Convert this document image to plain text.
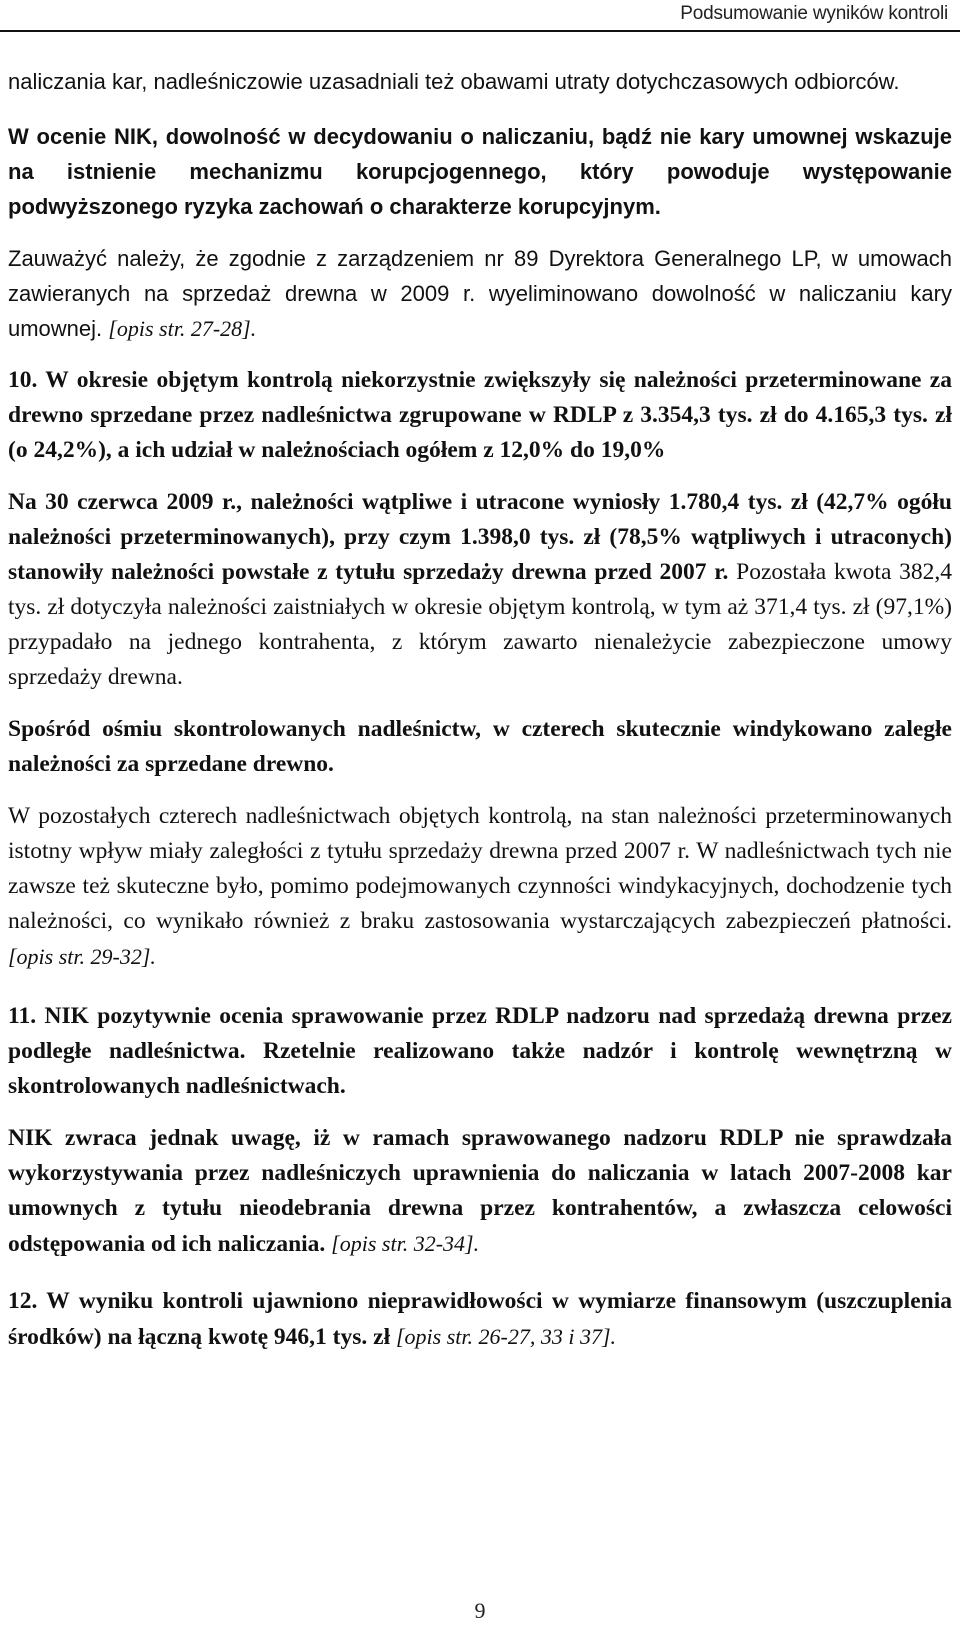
Podsumowanie wyników kontroli

naliczania kar, nadleśniczowie uzasadniali też obawami utraty dotychczasowych odbiorców.

W ocenie NIK, dowolność w decydowaniu o naliczaniu, bądź nie kary umownej wskazuje na istnienie mechanizmu korupcjogennego, który powoduje występowanie podwyższonego ryzyka zachowań o charakterze korupcyjnym.

Zauważyć należy, że zgodnie z zarządzeniem nr 89 Dyrektora Generalnego LP, w umowach zawieranych na sprzedaż drewna w 2009 r. wyeliminowano dowolność w naliczaniu kary umownej. [opis str. 27-28].

10. W okresie objętym kontrolą niekorzystnie zwiększyły się należności przeterminowane za drewno sprzedane przez nadleśnictwa zgrupowane w RDLP z 3.354,3 tys. zł do 4.165,3 tys. zł (o 24,2%), a ich udział w należnościach ogółem z 12,0% do 19,0%

Na 30 czerwca 2009 r., należności wątpliwe i utracone wyniosły 1.780,4 tys. zł (42,7% ogółu należności przeterminowanych), przy czym 1.398,0 tys. zł (78,5% wątpliwych i utraconych) stanowiły należności powstałe z tytułu sprzedaży drewna przed 2007 r. Pozostała kwota 382,4 tys. zł dotyczyła należności zaistniałych w okresie objętym kontrolą, w tym aż 371,4 tys. zł (97,1%) przypadało na jednego kontrahenta, z którym zawarto nienależycie zabezpieczone umowy sprzedaży drewna.

Spośród ośmiu skontrolowanych nadleśnictw, w czterech skutecznie windykowano zaległe należności za sprzedane drewno.

W pozostałych czterech nadleśnictwach objętych kontrolą, na stan należności przeterminowanych istotny wpływ miały zaległości z tytułu sprzedaży drewna przed 2007 r. W nadleśnictwach tych nie zawsze też skuteczne było, pomimo podejmowanych czynności windykacyjnych, dochodzenie tych należności, co wynikało również z braku zastosowania wystarczających zabezpieczeń płatności. [opis str. 29-32].

11. NIK pozytywnie ocenia sprawowanie przez RDLP nadzoru nad sprzedażą drewna przez podległe nadleśnictwa. Rzetelnie realizowano także nadzór i kontrolę wewnętrzną w skontrolowanych nadleśnictwach.

NIK zwraca jednak uwagę, iż w ramach sprawowanego nadzoru RDLP nie sprawdzała wykorzystywania przez nadleśniczych uprawnienia do naliczania w latach 2007-2008 kar umownych z tytułu nieodebrania drewna przez kontrahentów, a zwłaszcza celowości odstępowania od ich naliczania. [opis str. 32-34].

12. W wyniku kontroli ujawniono nieprawidłowości w wymiarze finansowym (uszczuplenia środków) na łączną kwotę 946,1 tys. zł [opis str. 26-27, 33 i 37].

9
